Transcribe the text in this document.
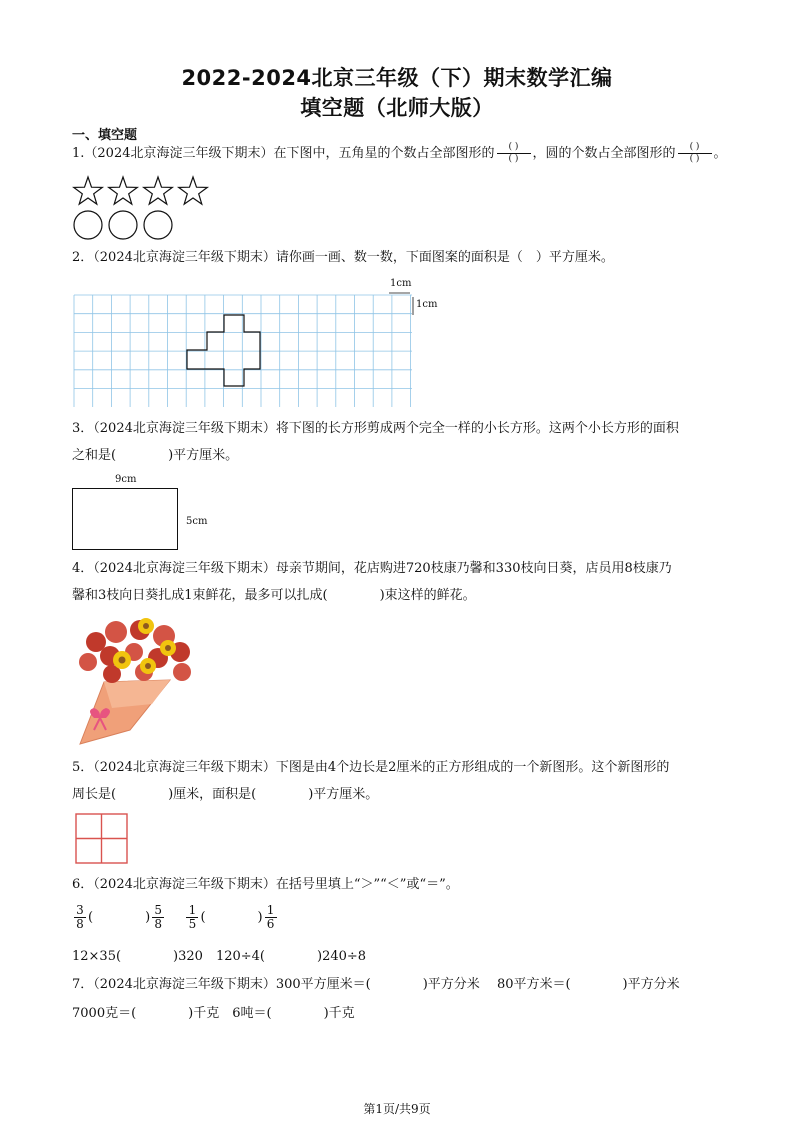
2022-2024北京三年级（下）期末数学汇编
填空题（北师大版）
一、填空题
1.（2024北京海淀三年级下期末）在下图中，五角星的个数占全部图形的 $\frac{( )}{( )}$ ，圆的个数占全部图形的 $\frac{( )}{( )}$ 。
2．（2024北京海淀三年级下期末）请你画一画、数一数，下面图案的面积是（　）平方厘米。
1cm
1cm
3．（2024北京海淀三年级下期末）将下图的长方形剪成两个完全一样的小长方形。这两个小长方形的面积
之和是(　　　　)平方厘米。
9cm
5cm
4．（2024北京海淀三年级下期末）母亲节期间，花店购进720枝康乃馨和330枝向日葵，店员用8枝康乃
馨和3枝向日葵扎成1束鲜花，最多可以扎成(　　　　)束这样的鲜花。
5．（2024北京海淀三年级下期末）下图是由4个边长是2厘米的正方形组成的一个新图形。这个新图形的
周长是(　　　　)厘米，面积是(　　　　)平方厘米。
6．（2024北京海淀三年级下期末）在括号里填上“＞”“＜”或“＝”。
$\frac{3}{8}$ (　　　　) $\frac{5}{8}$
$\frac{1}{5}$ (　　　　) $\frac{1}{6}$
12×35(　　　　)320　 120÷4(　　　　)240÷8
7．（2024北京海淀三年级下期末）300平方厘米＝(　　　　)平方分米　 80平方米＝(　　　　)平方分米
7000克＝(　　　　)千克　6吨＝(　　　　)千克
第1页/共9页
